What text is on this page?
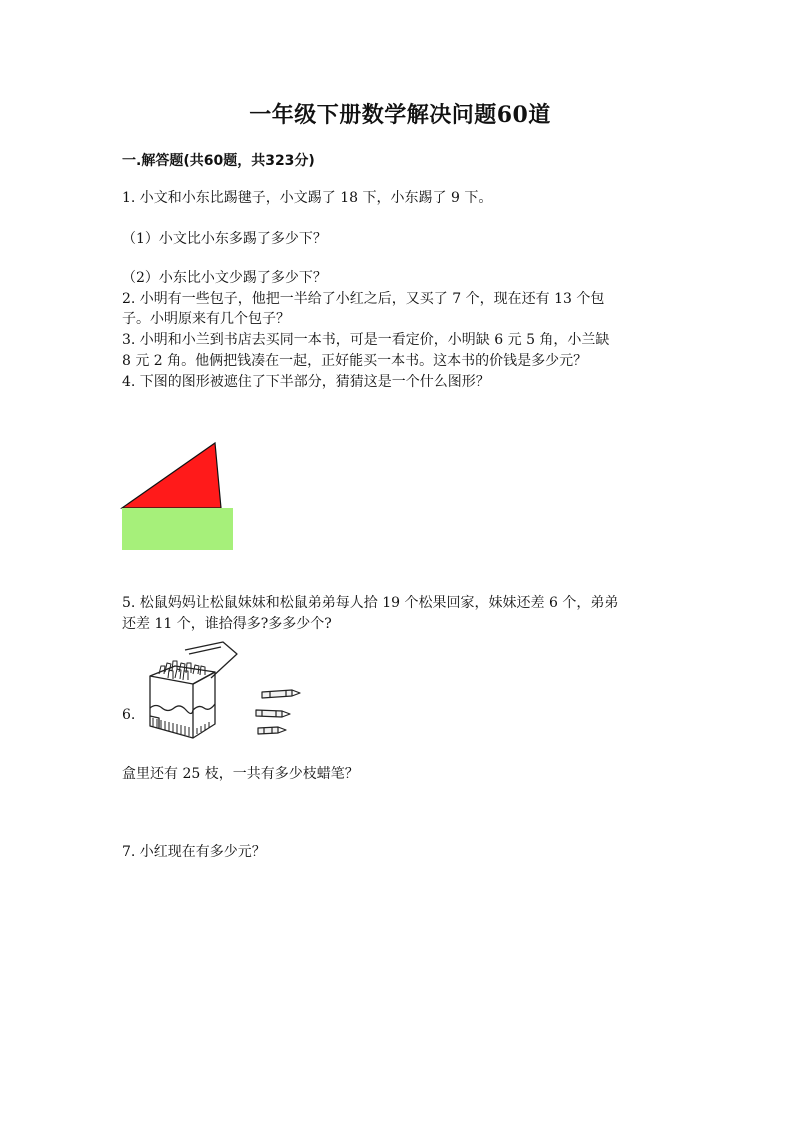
一年级下册数学解决问题60道
一.解答题(共60题，共323分)
1. 小文和小东比踢毽子，小文踢了 18 下，小东踢了 9 下。
（1）小文比小东多踢了多少下？
（2）小东比小文少踢了多少下？
2. 小明有一些包子，他把一半给了小红之后，又买了 7 个，现在还有 13 个包
子。小明原来有几个包子？
3. 小明和小兰到书店去买同一本书，可是一看定价，小明缺 6 元 5 角，小兰缺
8 元 2 角。他俩把钱凑在一起，正好能买一本书。这本书的价钱是多少元？
4. 下图的图形被遮住了下半部分，猜猜这是一个什么图形？
5. 松鼠妈妈让松鼠妹妹和松鼠弟弟每人拾 19 个松果回家，妹妹还差 6 个，弟弟
还差 11 个，谁拾得多?多多少个?
6.
盒里还有 25 枝，一共有多少枝蜡笔？
7. 小红现在有多少元？
